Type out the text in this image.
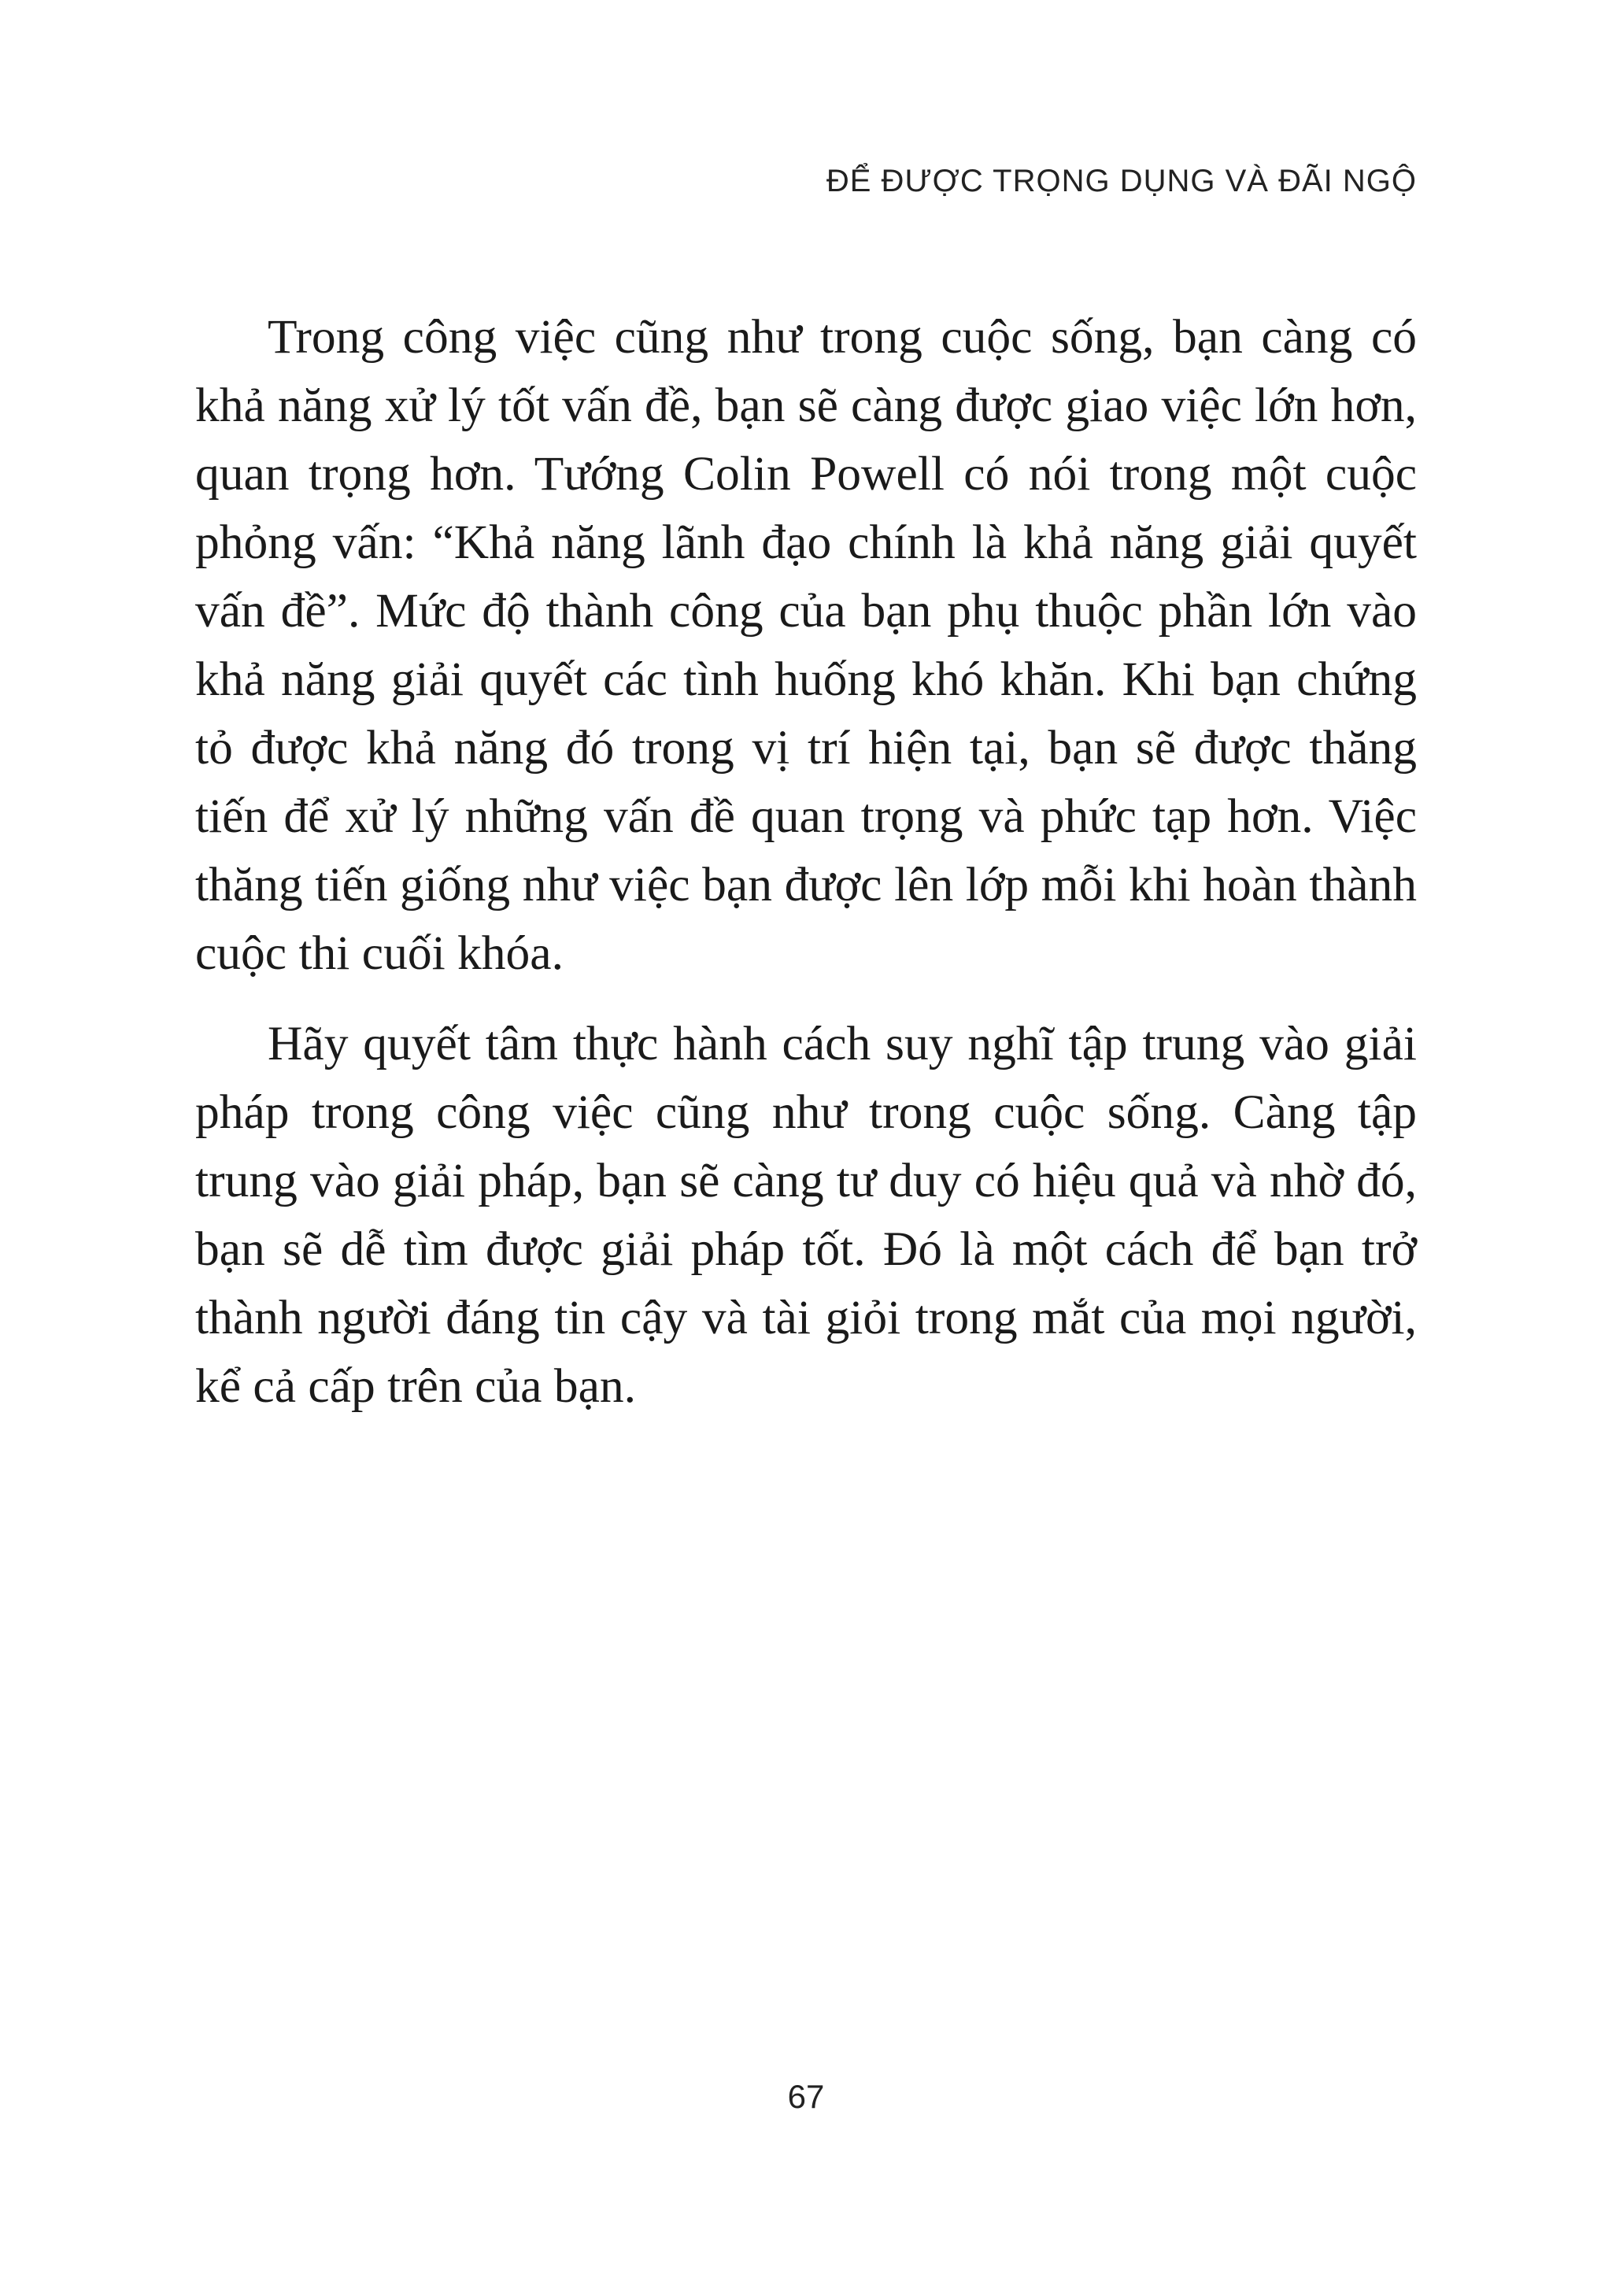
ĐỂ ĐƯỢC TRỌNG DỤNG VÀ ĐÃI NGỘ

Trong công việc cũng như trong cuộc sống, bạn càng có khả năng xử lý tốt vấn đề, bạn sẽ càng được giao việc lớn hơn, quan trọng hơn. Tướng Colin Powell có nói trong một cuộc phỏng vấn: “Khả năng lãnh đạo chính là khả năng giải quyết vấn đề”. Mức độ thành công của bạn phụ thuộc phần lớn vào khả năng giải quyết các tình huống khó khăn. Khi bạn chứng tỏ được khả năng đó trong vị trí hiện tại, bạn sẽ được thăng tiến để xử lý những vấn đề quan trọng và phức tạp hơn. Việc thăng tiến giống như việc bạn được lên lớp mỗi khi hoàn thành cuộc thi cuối khóa.

Hãy quyết tâm thực hành cách suy nghĩ tập trung vào giải pháp trong công việc cũng như trong cuộc sống. Càng tập trung vào giải pháp, bạn sẽ càng tư duy có hiệu quả và nhờ đó, bạn sẽ dễ tìm được giải pháp tốt. Đó là một cách để bạn trở thành người đáng tin cậy và tài giỏi trong mắt của mọi người, kể cả cấp trên của bạn.

67
